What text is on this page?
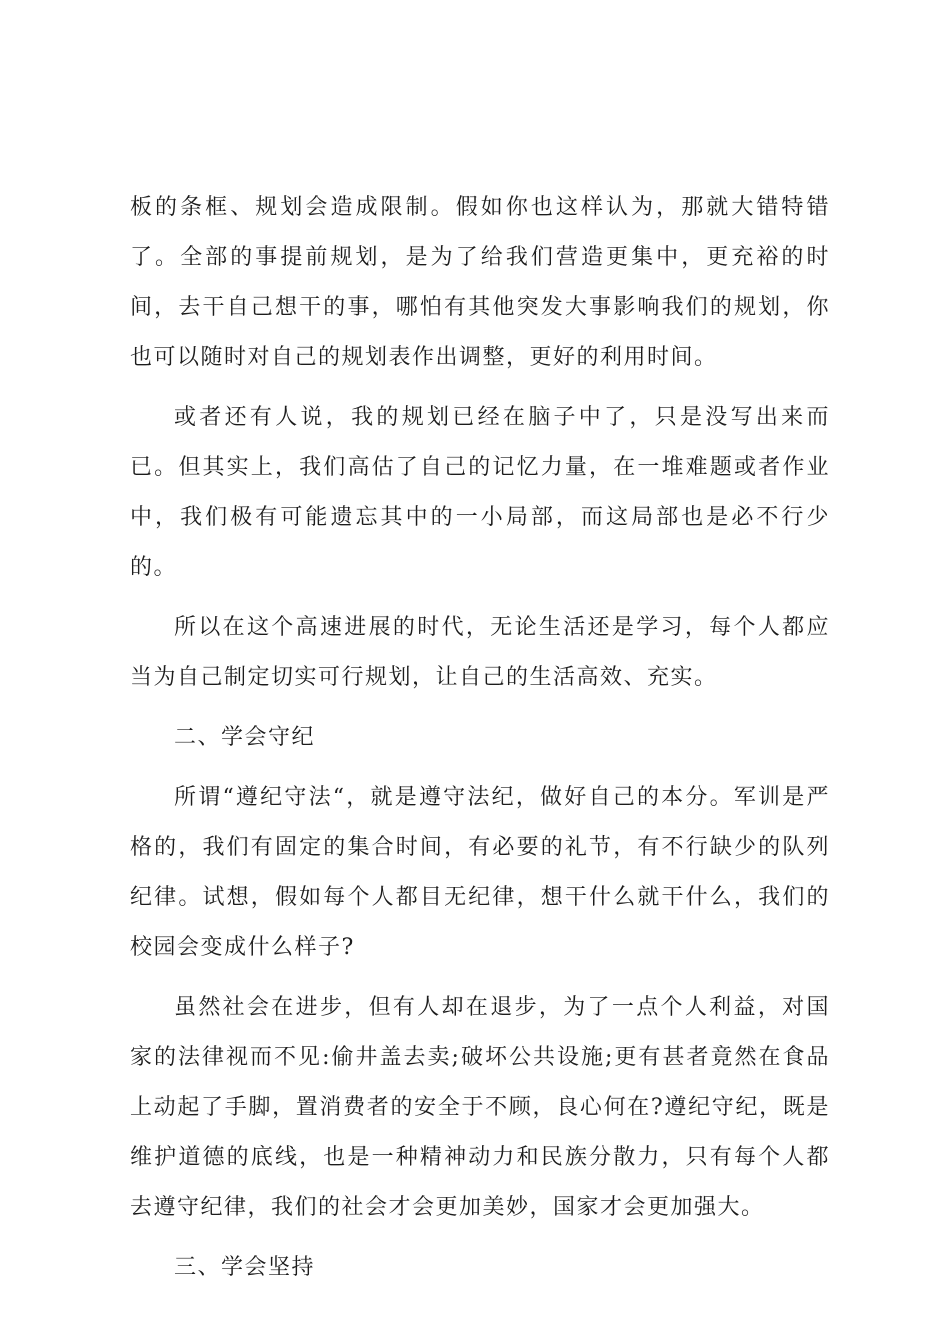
板的条框、规划会造成限制。假如你也这样认为，那就大错特错了。全部的事提前规划，是为了给我们营造更集中，更充裕的时间，去干自己想干的事，哪怕有其他突发大事影响我们的规划，你也可以随时对自己的规划表作出调整，更好的利用时间。

或者还有人说，我的规划已经在脑子中了，只是没写出来而已。但其实上，我们高估了自己的记忆力量，在一堆难题或者作业中，我们极有可能遗忘其中的一小局部，而这局部也是必不行少的。

所以在这个高速进展的时代，无论生活还是学习，每个人都应当为自己制定切实可行规划，让自己的生活高效、充实。

二、学会守纪

所谓“遵纪守法“，就是遵守法纪，做好自己的本分。军训是严格的，我们有固定的集合时间，有必要的礼节，有不行缺少的队列纪律。试想，假如每个人都目无纪律，想干什么就干什么，我们的校园会变成什么样子?

虽然社会在进步，但有人却在退步，为了一点个人利益，对国家的法律视而不见:偷井盖去卖;破坏公共设施;更有甚者竟然在食品上动起了手脚，置消费者的安全于不顾，良心何在?遵纪守纪，既是维护道德的底线，也是一种精神动力和民族分散力，只有每个人都去遵守纪律，我们的社会才会更加美妙，国家才会更加强大。

三、学会坚持
